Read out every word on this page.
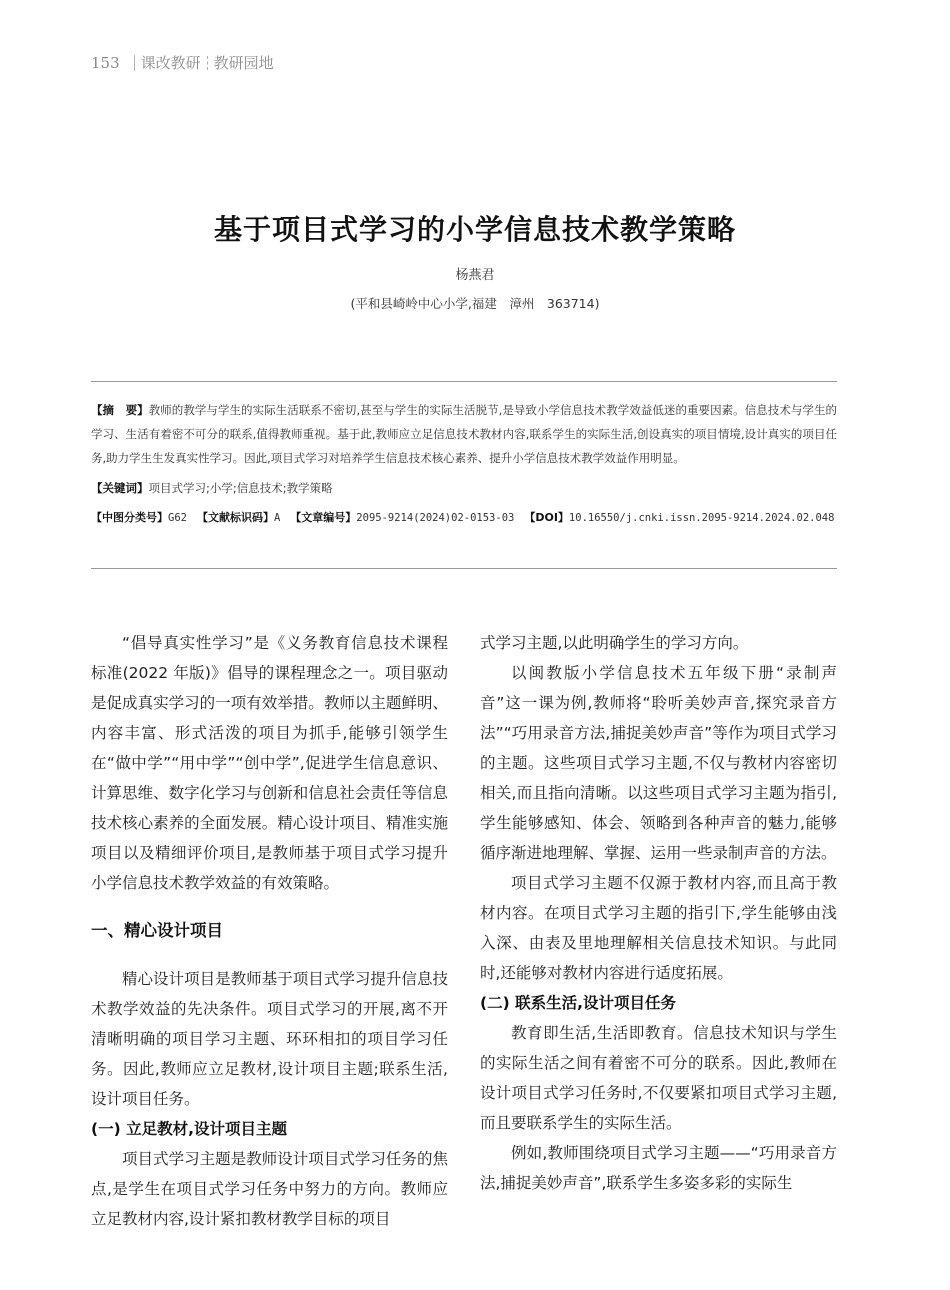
153 课改教研 教研园地
基于项目式学习的小学信息技术教学策略
杨燕君
(平和县崎岭中心小学,福建　漳州　363714)

【摘　要】教师的教学与学生的实际生活联系不密切,甚至与学生的实际生活脱节,是导致小学信息技术教学效益低迷的重要因素。信息技术与学生的学习、生活有着密不可分的联系,值得教师重视。基于此,教师应立足信息技术教材内容,联系学生的实际生活,创设真实的项目情境,设计真实的项目任务,助力学生生发真实性学习。因此,项目式学习对培养学生信息技术核心素养、提升小学信息技术教学效益作用明显。

【关键词】项目式学习;小学;信息技术;教学策略

【中图分类号】G62 【文献标识码】A 【文章编号】2095-9214(2024)02-0153-03 【DOI】10.16550/j.cnki.issn.2095-9214.2024.02.048

“倡导真实性学习”是《义务教育信息技术课程标准(2022 年版)》倡导的课程理念之一。项目驱动是促成真实学习的一项有效举措。教师以主题鲜明、内容丰富、形式活泼的项目为抓手,能够引领学生在“做中学”“用中学”“创中学”,促进学生信息意识、计算思维、数字化学习与创新和信息社会责任等信息技术核心素养的全面发展。精心设计项目、精准实施项目以及精细评价项目,是教师基于项目式学习提升小学信息技术教学效益的有效策略。

一、精心设计项目

精心设计项目是教师基于项目式学习提升信息技术教学效益的先决条件。项目式学习的开展,离不开清晰明确的项目学习主题、环环相扣的项目学习任务。因此,教师应立足教材,设计项目主题;联系生活,设计项目任务。

(一) 立足教材,设计项目主题

项目式学习主题是教师设计项目式学习任务的焦点,是学生在项目式学习任务中努力的方向。教师应立足教材内容,设计紧扣教材教学目标的项目

式学习主题,以此明确学生的学习方向。

以闽教版小学信息技术五年级下册“录制声音”这一课为例,教师将“聆听美妙声音,探究录音方法”“巧用录音方法,捕捉美妙声音”等作为项目式学习的主题。这些项目式学习主题,不仅与教材内容密切相关,而且指向清晰。以这些项目式学习主题为指引,学生能够感知、体会、领略到各种声音的魅力,能够循序渐进地理解、掌握、运用一些录制声音的方法。

项目式学习主题不仅源于教材内容,而且高于教材内容。在项目式学习主题的指引下,学生能够由浅入深、由表及里地理解相关信息技术知识。与此同时,还能够对教材内容进行适度拓展。

(二) 联系生活,设计项目任务

教育即生活,生活即教育。信息技术知识与学生的实际生活之间有着密不可分的联系。因此,教师在设计项目式学习任务时,不仅要紧扣项目式学习主题,而且要联系学生的实际生活。

例如,教师围绕项目式学习主题——“巧用录音方法,捕捉美妙声音”,联系学生多姿多彩的实际生
